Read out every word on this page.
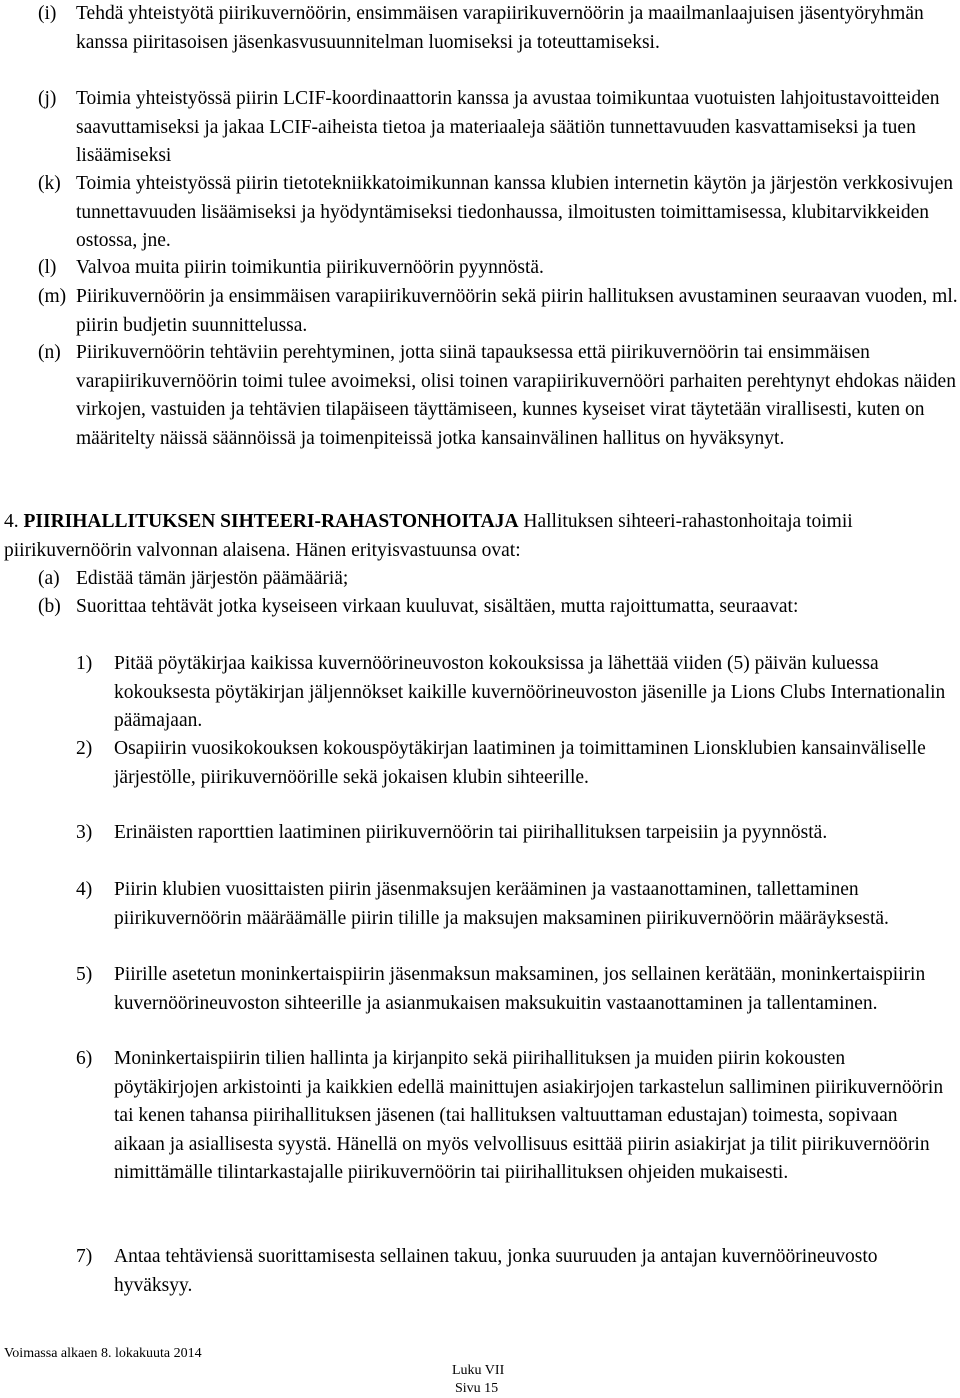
(i)	Tehdä yhteistyötä piirikuvernöörin, ensimmäisen varapiirikuvernöörin ja maailmanlaajuisen jäsentyöryhmän kanssa piiritasoisen jäsenkasvusuunnitelman luomiseksi ja toteuttamiseksi.
(j)	Toimia yhteistyössä piirin LCIF-koordinaattorin kanssa ja avustaa toimikuntaa vuotuisten lahjoitustavoitteiden saavuttamiseksi ja jakaa LCIF-aiheista tietoa ja materiaaleja säätiön tunnettavuuden kasvattamiseksi ja tuen lisäämiseksi
(k) Toimia yhteistyössä piirin tietotekniikkatoimikunnan kanssa klubien internetin käytön ja järjestön verkkosivujen tunnettavuuden lisäämiseksi ja hyödyntämiseksi tiedonhaussa, ilmoitusten toimittamisessa, klubitarvikkeiden ostossa, jne.
(l)	Valvoa muita piirin toimikuntia piirikuvernöörin pyynnöstä.
(m) Piirikuvernöörin ja ensimmäisen varapiirikuvernöörin sekä piirin hallituksen avustaminen seuraavan vuoden, ml. piirin budjetin suunnittelussa.
(n) Piirikuvernöörin tehtäviin perehtyminen, jotta siinä tapauksessa että piirikuvernöörin tai ensimmäisen varapiirikuvernöörin toimi tulee avoimeksi, olisi toinen varapiirikuvernööri parhaiten perehtynyt ehdokas näiden virkojen, vastuiden ja tehtävien tilapäiseen täyttämiseen, kunnes kyseiset virat täytetään virallisesti, kuten on määritelty näissä säännöissä ja toimenpiteissä jotka kansainvälinen hallitus on hyväksynyt.
4. PIIRIHALLITUKSEN SIHTEERI-RAHASTONHOITAJA Hallituksen sihteeri-rahastonhoitaja toimii piirikuvernöörin valvonnan alaisena. Hänen erityisvastuunsa ovat:
(a) Edistää tämän järjestön päämääriä;
(b) Suorittaa tehtävät jotka kyseiseen virkaan kuuluvat, sisältäen, mutta rajoittumatta, seuraavat:
1)	Pitää pöytäkirjaa kaikissa kuvernöörineuvoston kokouksissa ja lähettää viiden (5) päivän kuluessa kokouksesta pöytäkirjan jäljennökset kaikille kuvernöörineuvoston jäsenille ja Lions Clubs Internationalin päämajaan.
2)	Osapiirin vuosikokouksen kokouspöytäkirjan laatiminen ja toimittaminen Lionsklubien kansainväliselle järjestölle, piirikuvernöörille sekä jokaisen klubin sihteerille.
3)	Erinäisten raporttien laatiminen piirikuvernöörin tai piirihallituksen tarpeisiin ja pyynnöstä.
4)	Piirin klubien vuosittaisten piirin jäsenmaksujen kerääminen ja vastaanottaminen, tallettaminen piirikuvernöörin määräämälle piirin tilille ja maksujen maksaminen piirikuvernöörin määräyksestä.
5)	Piirille asetetun moninkertaispiirin jäsenmaksun maksaminen, jos sellainen kerätään, moninkertaispiirin kuvernöörineuvoston sihteerille ja asianmukaisen maksukuitin vastaanottaminen ja tallentaminen.
6)	Moninkertaispiirin tilien hallinta ja kirjanpito sekä piirihallituksen ja muiden piirin kokousten pöytäkirjojen arkistointi ja kaikkien edellä mainittujen asiakirjojen tarkastelun salliminen piirikuvernöörin tai kenen tahansa piirihallituksen jäsenen (tai hallituksen valtuuttaman edustajan) toimesta, sopivaan aikaan ja asiallisesta syystä. Hänellä on myös velvollisuus esittää piirin asiakirjat ja tilit piirikuvernöörin nimittämälle tilintarkastajalle piirikuvernöörin tai piirihallituksen ohjeiden mukaisesti.
7)	Antaa tehtäviensä suorittamisesta sellainen takuu, jonka suuruuden ja antajan kuvernöörineuvosto hyväksyy.
Voimassa alkaen 8. lokakuuta 2014
Luku VII
Sivu 15
